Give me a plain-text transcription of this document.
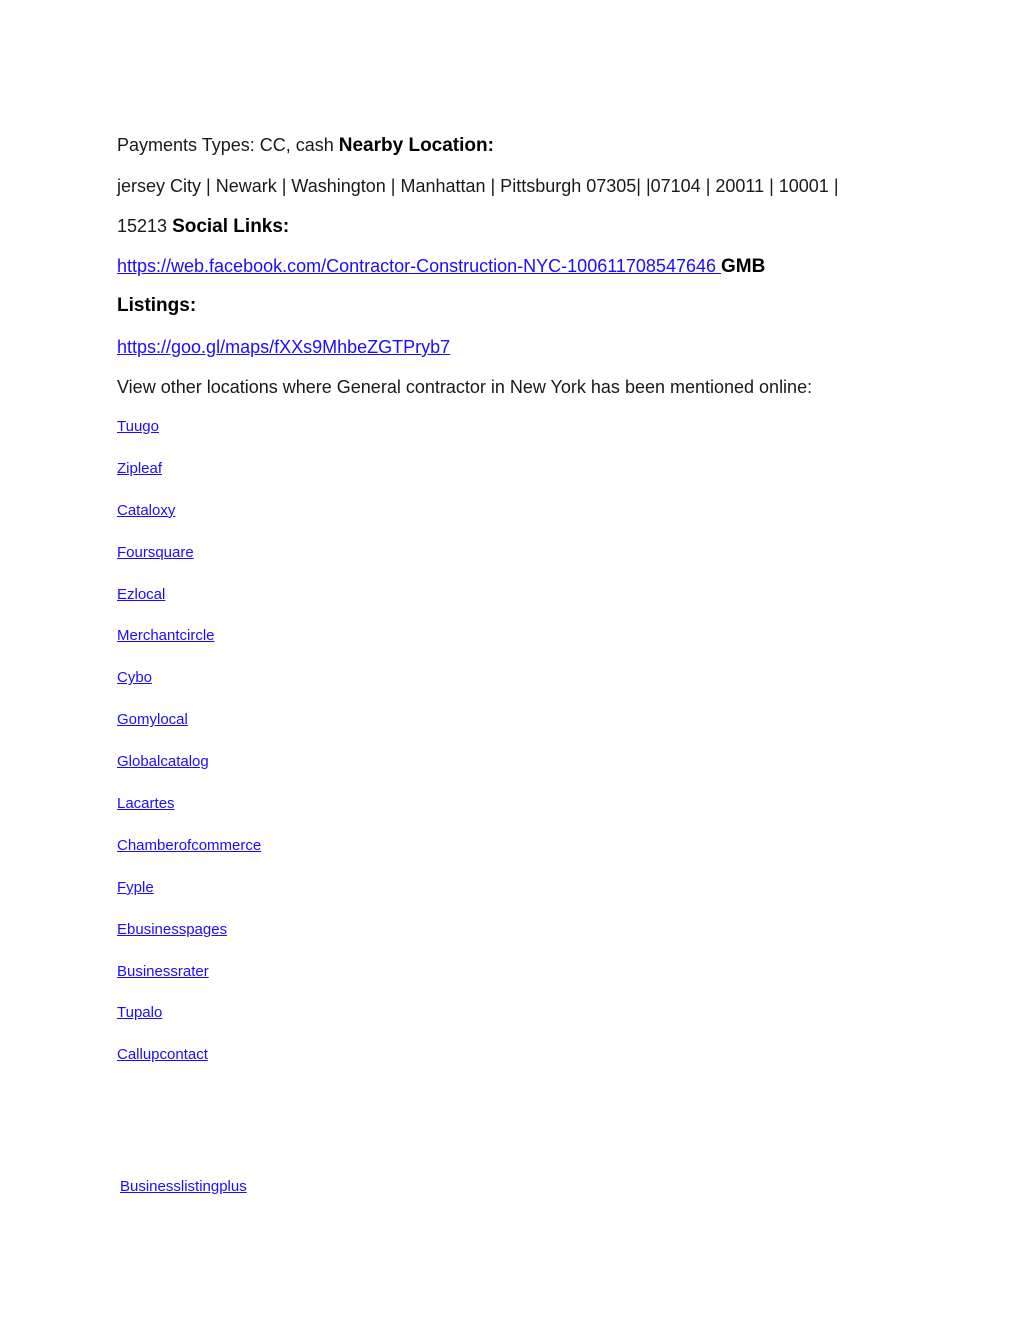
Payments Types: CC, cash Nearby Location:
jersey City | Newark | Washington | Manhattan | Pittsburgh 07305| |07104 | 20011 | 10001 |
15213 Social Links:
https://web.facebook.com/Contractor-Construction-NYC-100611708547646 GMB
Listings:
https://goo.gl/maps/fXXs9MhbeZGTPryb7
View other locations where General contractor in New York has been mentioned online:
Tuugo
Zipleaf
Cataloxy
Foursquare
Ezlocal
Merchantcircle
Cybo
Gomylocal
Globalcatalog
Lacartes
Chamberofcommerce
Fyple
Ebusinesspages
Businessrater
Tupalo
Callupcontact
Businesslistingplus
